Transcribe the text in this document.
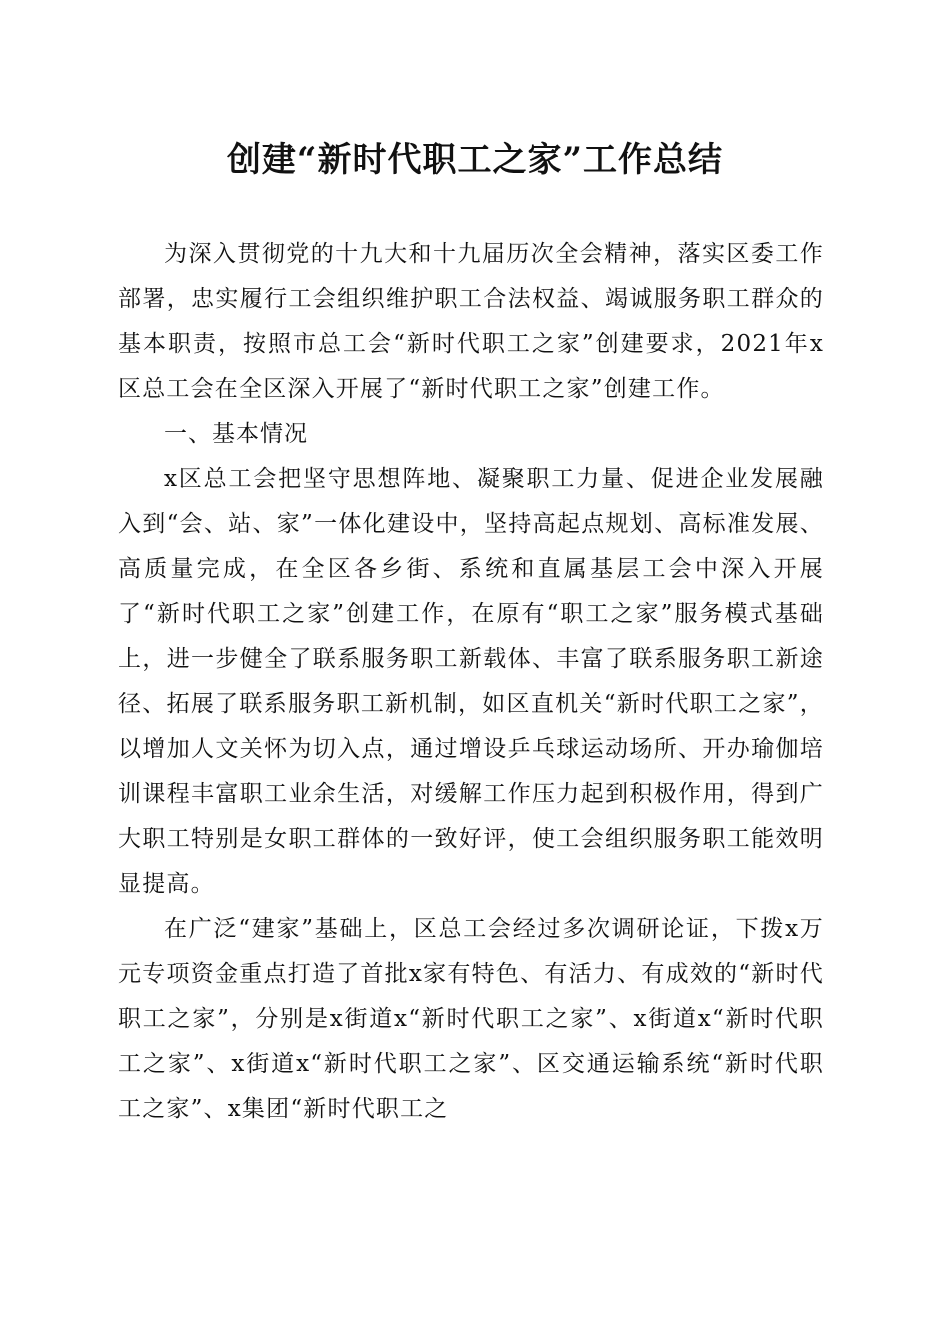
创建“新时代职工之家”工作总结

为深入贯彻党的十九大和十九届历次全会精神，落实区委工作部署，忠实履行工会组织维护职工合法权益、竭诚服务职工群众的基本职责，按照市总工会“新时代职工之家”创建要求，2021年x区总工会在全区深入开展了“新时代职工之家”创建工作。

一、基本情况

x区总工会把坚守思想阵地、凝聚职工力量、促进企业发展融入到“会、站、家”一体化建设中，坚持高起点规划、高标准发展、高质量完成，在全区各乡街、系统和直属基层工会中深入开展了“新时代职工之家”创建工作，在原有“职工之家”服务模式基础上，进一步健全了联系服务职工新载体、丰富了联系服务职工新途径、拓展了联系服务职工新机制，如区直机关“新时代职工之家”，以增加人文关怀为切入点，通过增设乒乓球运动场所、开办瑜伽培训课程丰富职工业余生活，对缓解工作压力起到积极作用，得到广大职工特别是女职工群体的一致好评，使工会组织服务职工能效明显提高。

在广泛“建家”基础上，区总工会经过多次调研论证，下拨x万元专项资金重点打造了首批x家有特色、有活力、有成效的“新时代职工之家”，分别是x街道x“新时代职工之家”、x街道x“新时代职工之家”、x街道x“新时代职工之家”、区交通运输系统“新时代职工之家”、x集团“新时代职工之
